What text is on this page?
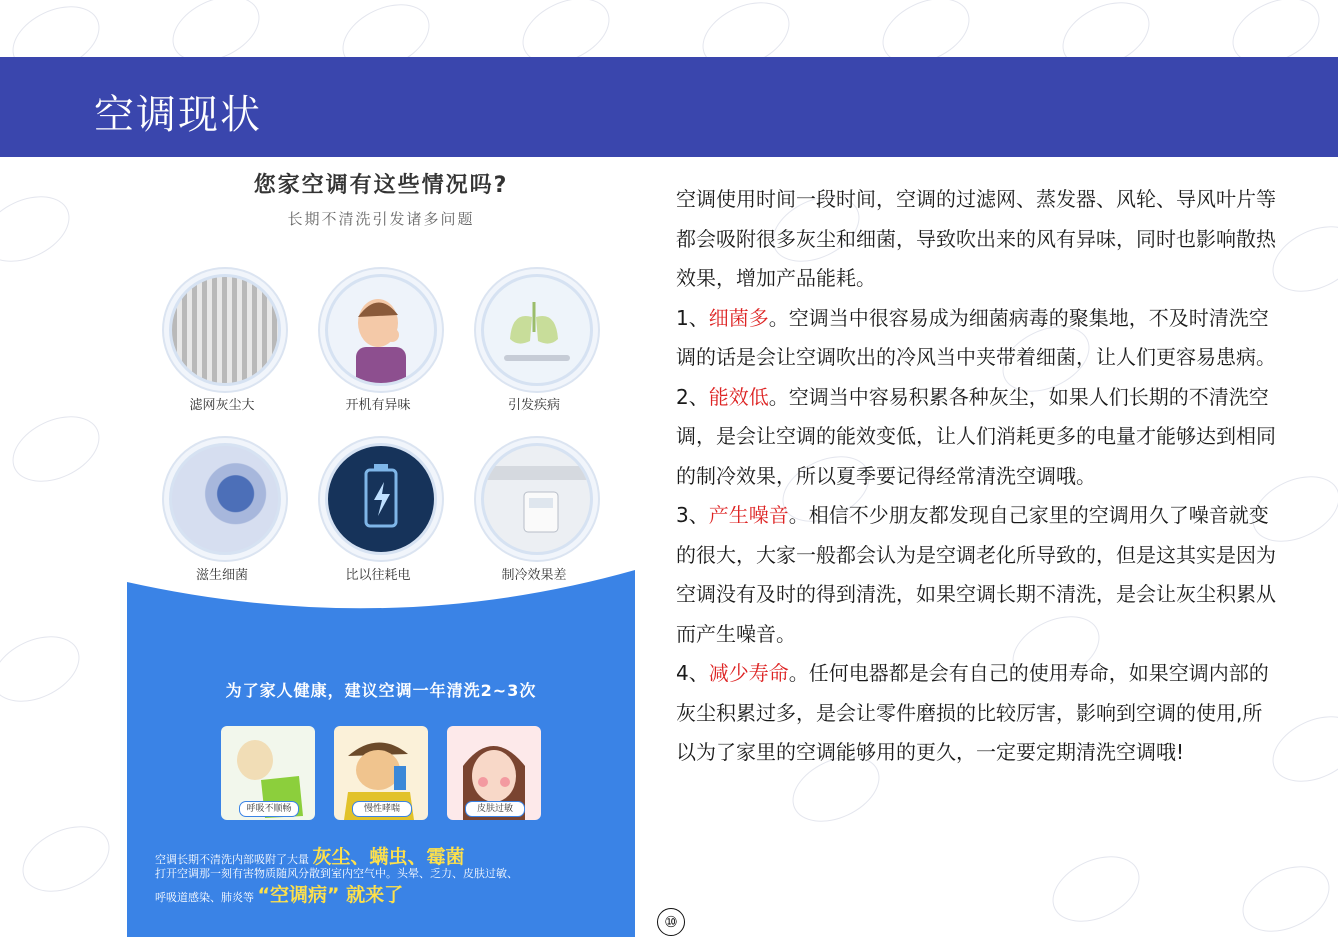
空调现状
您家空调有这些情况吗?
长期不清洗引发诸多问题
滤网灰尘大	开机有异味	引发疾病
滋生细菌	比以往耗电	制冷效果差
为了家人健康，建议空调一年清洗2~3次
呼吸不顺畅	慢性哮喘	皮肤过敏
空调长期不清洗内部吸附了大量 灰尘、螨虫、霉菌
打开空调那一刻有害物质随风分散到室内空气中。头晕、乏力、皮肤过敏、
呼吸道感染、肺炎等 “空调病” 就来了
空调使用时间一段时间，空调的过滤网、蒸发器、风轮、导风叶片等都会吸附很多灰尘和细菌，导致吹出来的风有异味，同时也影响散热效果，增加产品能耗。
1、细菌多。空调当中很容易成为细菌病毒的聚集地，不及时清洗空调的话是会让空调吹出的冷风当中夹带着细菌，让人们更容易患病。
2、能效低。空调当中容易积累各种灰尘，如果人们长期的不清洗空调，是会让空调的能效变低，让人们消耗更多的电量才能够达到相同的制冷效果，所以夏季要记得经常清洗空调哦。
3、产生噪音。相信不少朋友都发现自己家里的空调用久了噪音就变的很大，大家一般都会认为是空调老化所导致的，但是这其实是因为空调没有及时的得到清洗，如果空调长期不清洗，是会让灰尘积累从而产生噪音。
4、减少寿命。任何电器都是会有自己的使用寿命，如果空调内部的灰尘积累过多，是会让零件磨损的比较厉害，影响到空调的使用,所以为了家里的空调能够用的更久，一定要定期清洗空调哦!
⑩
